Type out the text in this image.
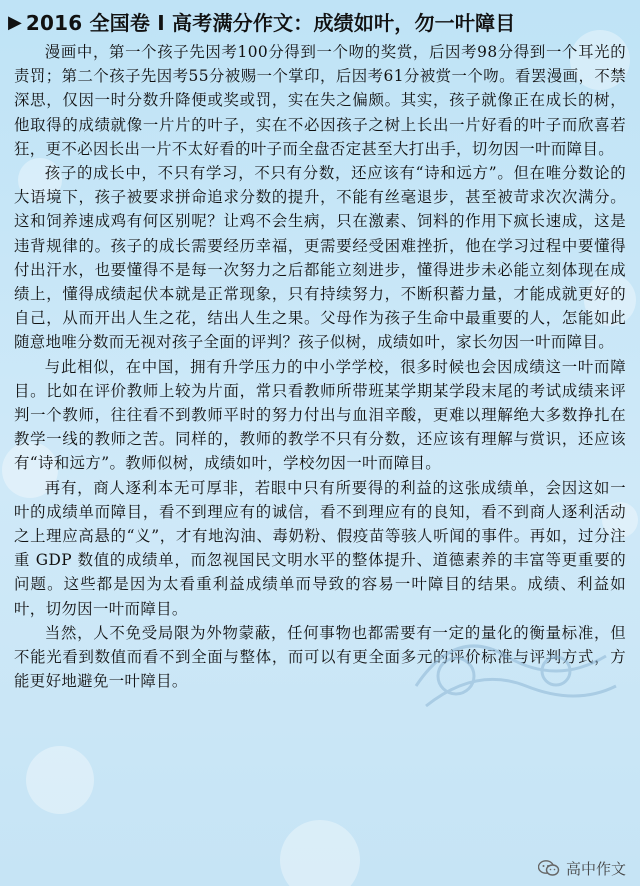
▶ 2016 全国卷 I 高考满分作文：成绩如叶，勿一叶障目

漫画中，第一个孩子先因考100分得到一个吻的奖赏，后因考98分得到一个耳光的责罚；第二个孩子先因考55分被赐一个掌印，后因考61分被赏一个吻。看罢漫画，不禁深思，仅因一时分数升降便或奖或罚，实在失之偏颇。其实，孩子就像正在成长的树，他取得的成绩就像一片片的叶子，实在不必因孩子之树上长出一片好看的叶子而欣喜若狂，更不必因长出一片不太好看的叶子而全盘否定甚至大打出手，切勿因一叶而障目。

孩子的成长中，不只有学习，不只有分数，还应该有“诗和远方”。但在唯分数论的大语境下，孩子被要求拼命追求分数的提升，不能有丝毫退步，甚至被苛求次次满分。这和饲养速成鸡有何区别呢？让鸡不会生病，只在激素、饲料的作用下疯长速成，这是违背规律的。孩子的成长需要经历幸福，更需要经受困难挫折，他在学习过程中要懂得付出汗水，也要懂得不是每一次努力之后都能立刻进步，懂得进步未必能立刻体现在成绩上，懂得成绩起伏本就是正常现象，只有持续努力，不断积蓄力量，才能成就更好的自己，从而开出人生之花，结出人生之果。父母作为孩子生命中最重要的人，怎能如此随意地唯分数而无视对孩子全面的评判？孩子似树，成绩如叶，家长勿因一叶而障目。

与此相似，在中国，拥有升学压力的中小学学校，很多时候也会因成绩这一叶而障目。比如在评价教师上较为片面，常只看教师所带班某学期某学段末尾的考试成绩来评判一个教师，往往看不到教师平时的努力付出与血泪辛酸，更难以理解绝大多数挣扎在教学一线的教师之苦。同样的，教师的教学不只有分数，还应该有理解与赏识，还应该有“诗和远方”。教师似树，成绩如叶，学校勿因一叶而障目。

再有，商人逐利本无可厚非，若眼中只有所要得的利益的这张成绩单，会因这如一叶的成绩单而障目，看不到理应有的诚信，看不到理应有的良知，看不到商人逐利活动之上理应高悬的“义”，才有地沟油、毒奶粉、假疫苗等骇人听闻的事件。再如，过分注重 GDP 数值的成绩单，而忽视国民文明水平的整体提升、道德素养的丰富等更重要的问题。这些都是因为太看重利益成绩单而导致的容易一叶障目的结果。成绩、利益如叶，切勿因一叶而障目。

当然，人不免受局限为外物蒙蔽，任何事物也都需要有一定的量化的衡量标准，但不能光看到数值而看不到全面与整体，而可以有更全面多元的评价标准与评判方式，方能更好地避免一叶障目。

高中作文
